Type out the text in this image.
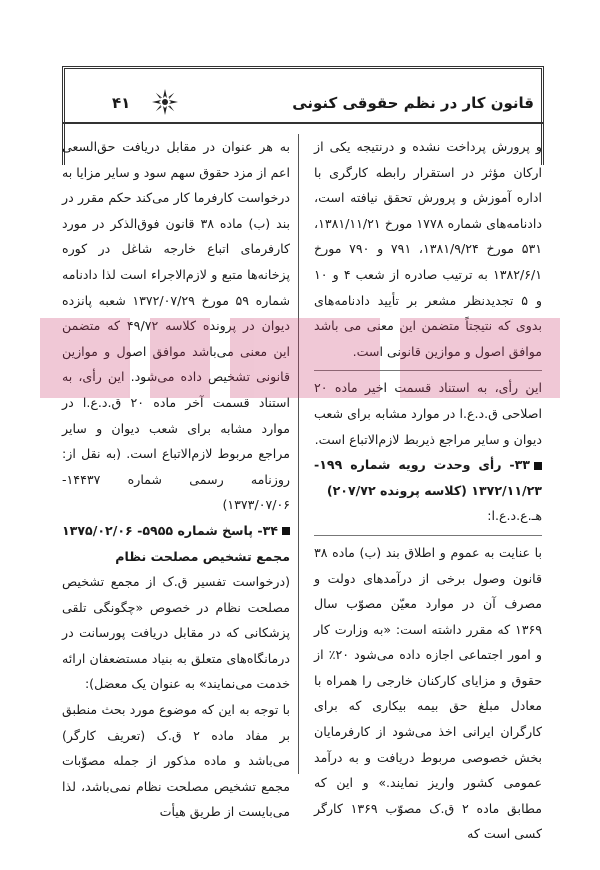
قانون کار در نظم حقوقی کنونی
۴۱

و پرورش پرداخت نشده و درنتیجه یکی از ارکان مؤثر در استقرار رابطه کارگری با اداره آموزش و پرورش تحقق نیافته است، دادنامه‌های شماره ۱۷۷۸ مورخ ۱۳۸۱/۱۱/۲۱، ۵۳۱ مورخ ۱۳۸۱/۹/۲۴، ۷۹۱ و ۷۹۰ مورخ ۱۳۸۲/۶/۱ به ترتیب صادره از شعب ۴ و ۱۰ و ۵ تجدیدنظر مشعر بر تأیید دادنامه‌های بدوی که نتیجتاً متضمن این معنی می باشد موافق اصول و موازین قانونی است.

این رأی، به استناد قسمت اخیر ماده ۲۰ اصلاحی ق.د.ع.ا در موارد مشابه برای شعب دیوان و سایر مراجع ذیربط لازم‌الاتباع است.

۳۳- رأی وحدت رویه شماره ۱۹۹- ۱۳۷۲/۱۱/۲۳ (کلاسه پرونده ۲۰۷/۷۲)

هـ.ع.د.ع.ا:

با عنایت به عموم و اطلاق بند (ب) ماده ۳۸ قانون وصول برخی از درآمدهای دولت و مصرف آن در موارد معیّن مصوّب سال ۱۳۶۹ که مقرر داشته است: «به وزارت کار و امور اجتماعی اجازه داده می‌شود ۲۰٪ از حقوق و مزایای کارکنان خارجی را همراه با معادل مبلغ حق بیمه بیکاری که برای کارگران ایرانی اخذ می‌شود از کارفرمایان بخش خصوصی مربوط دریافت و به درآمد عمومی کشور واریز نمایند.» و این که مطابق ماده ۲ ق.ک مصوّب ۱۳۶۹ کارگر کسی است که

به هر عنوان در مقابل دریافت حق‌السعی اعم از مزد حقوق سهم سود و سایر مزایا به درخواست کارفرما کار می‌کند حکم مقرر در بند (ب) ماده ۳۸ قانون فوق‌الذکر در مورد کارفرمای اتباع خارجه شاغل در کوره پزخانه‌ها متبع و لازم‌الاجراء است لذا دادنامه شماره ۵۹ مورخ ۱۳۷۲/۰۷/۲۹ شعبه پانزده دیوان در پرونده کلاسه ۴۹/۷۲ که متضمن این معنی می‌باشد موافق اصول و موازین قانونی تشخیص داده می‌شود. این رأی، به استناد قسمت آخر ماده ۲۰ ق.د.ع.ا در موارد مشابه برای شعب دیوان و سایر مراجع مربوط لازم‌الاتباع است. (به نقل از: روزنامه رسمی شماره ۱۴۴۳۷- ۱۳۷۳/۰۷/۰۶)

۳۴- پاسخ شماره ۵۹۵۵- ۱۳۷۵/۰۲/۰۶ مجمع تشخیص مصلحت نظام

(درخواست تفسیر ق.ک از مجمع تشخیص مصلحت نظام در خصوص «چگونگی تلقی پزشکانی که در مقابل دریافت پورسانت در درمانگاه‌های متعلق به بنیاد مستضعفان ارائه خدمت می‌نمایند» به عنوان یک معضل):

با توجه به این که موضوع مورد بحث منطبق بر مفاد ماده ۲ ق.ک (تعریف کارگر) می‌باشد و ماده مذکور از جمله مصوّبات مجمع تشخیص مصلحت نظام نمی‌باشد، لذا می‌بایست از طریق هیأت
